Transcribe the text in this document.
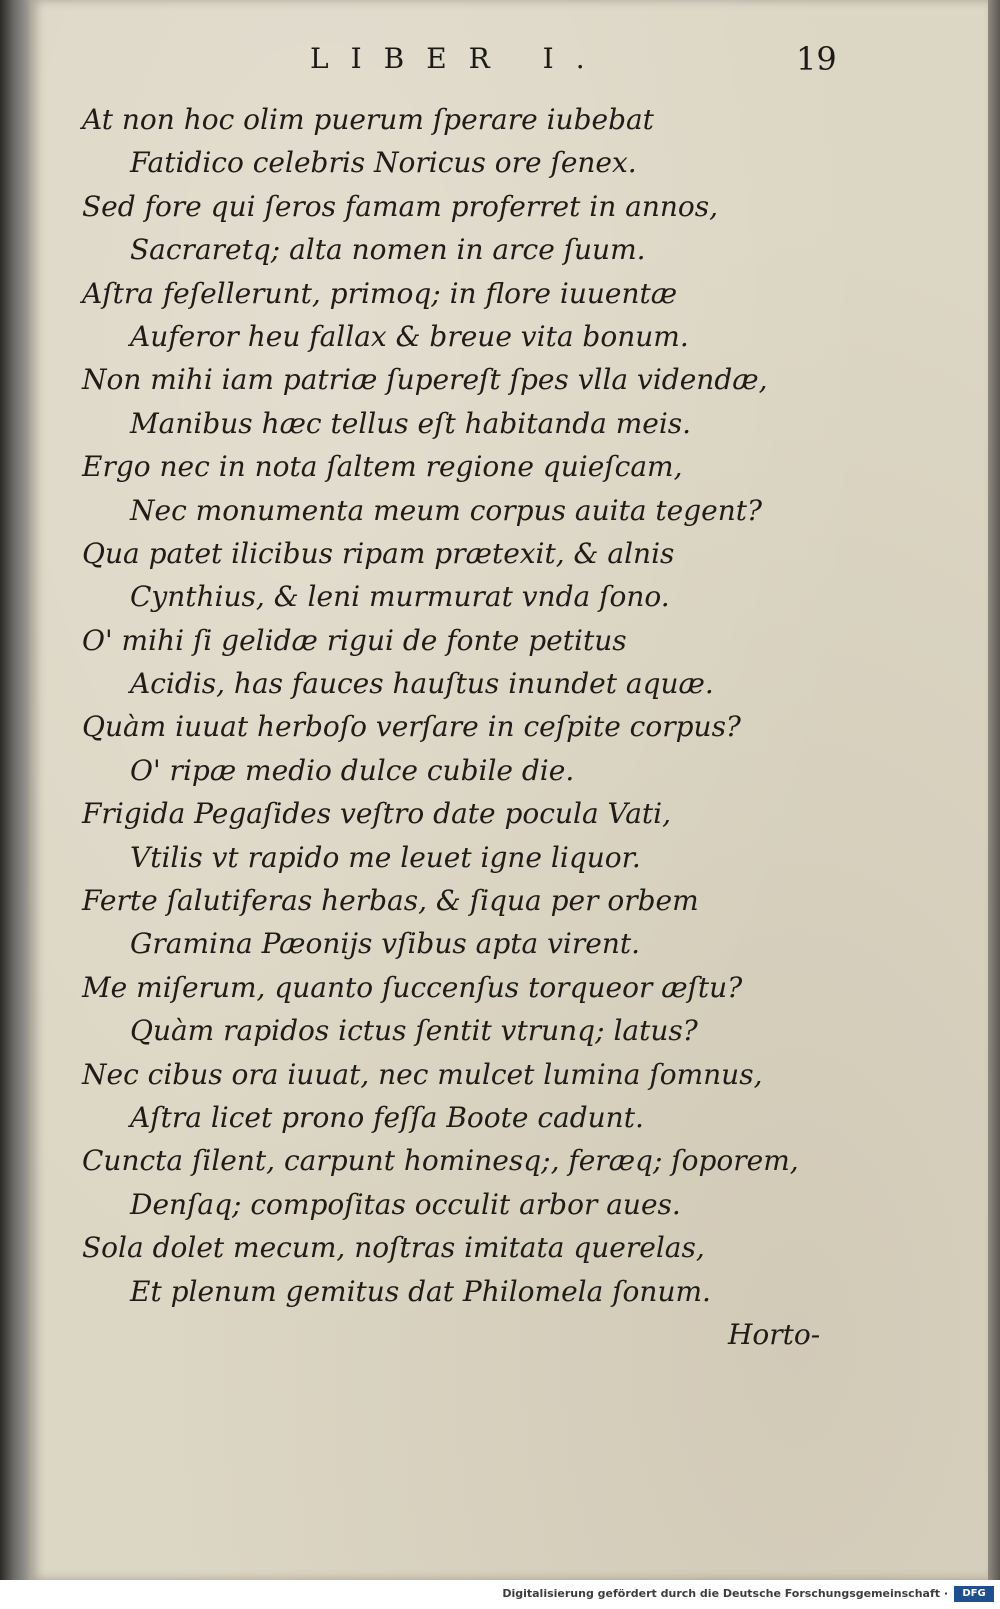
LIBER I.	19
At non hoc olim puerum ſperare iubebat
Fatidico celebris Noricus ore ſenex.
Sed fore qui ſeros famam proferret in annos,
Sacraretq; alta nomen in arce ſuum.
Aſtra feſellerunt, primoq; in flore iuuentæ
Auferor heu fallax & breue vita bonum.
Non mihi iam patriæ ſupereſt ſpes vlla videndæ,
Manibus hæc tellus eſt habitanda meis.
Ergo nec in nota ſaltem regione quieſcam,
Nec monumenta meum corpus auita tegent?
Qua patet ilicibus ripam prætexit, & alnis
Cynthius, & leni murmurat vnda ſono.
O' mihi ſi gelidæ rigui de fonte petitus
Acidis, has fauces hauſtus inundet aquæ.
Quàm iuuat herboſo verſare in ceſpite corpus?
O' ripæ medio dulce cubile die.
Frigida Pegaſides veſtro date pocula Vati,
Vtilis vt rapido me leuet igne liquor.
Ferte ſalutiferas herbas, & ſiqua per orbem
Gramina Pæonijs vſibus apta virent.
Me miſerum, quanto ſuccenſus torqueor æſtu?
Quàm rapidos ictus ſentit vtrunq; latus?
Nec cibus ora iuuat, nec mulcet lumina ſomnus,
Aſtra licet prono feſſa Boote cadunt.
Cuncta ſilent, carpunt hominesq;, feræq; ſoporem,
Denſaq; compoſitas occulit arbor aues.
Sola dolet mecum, noſtras imitata querelas,
Et plenum gemitus dat Philomela ſonum.
Horto-
Digitalisierung gefördert durch die Deutsche Forschungsgemeinschaft ·	DFG
